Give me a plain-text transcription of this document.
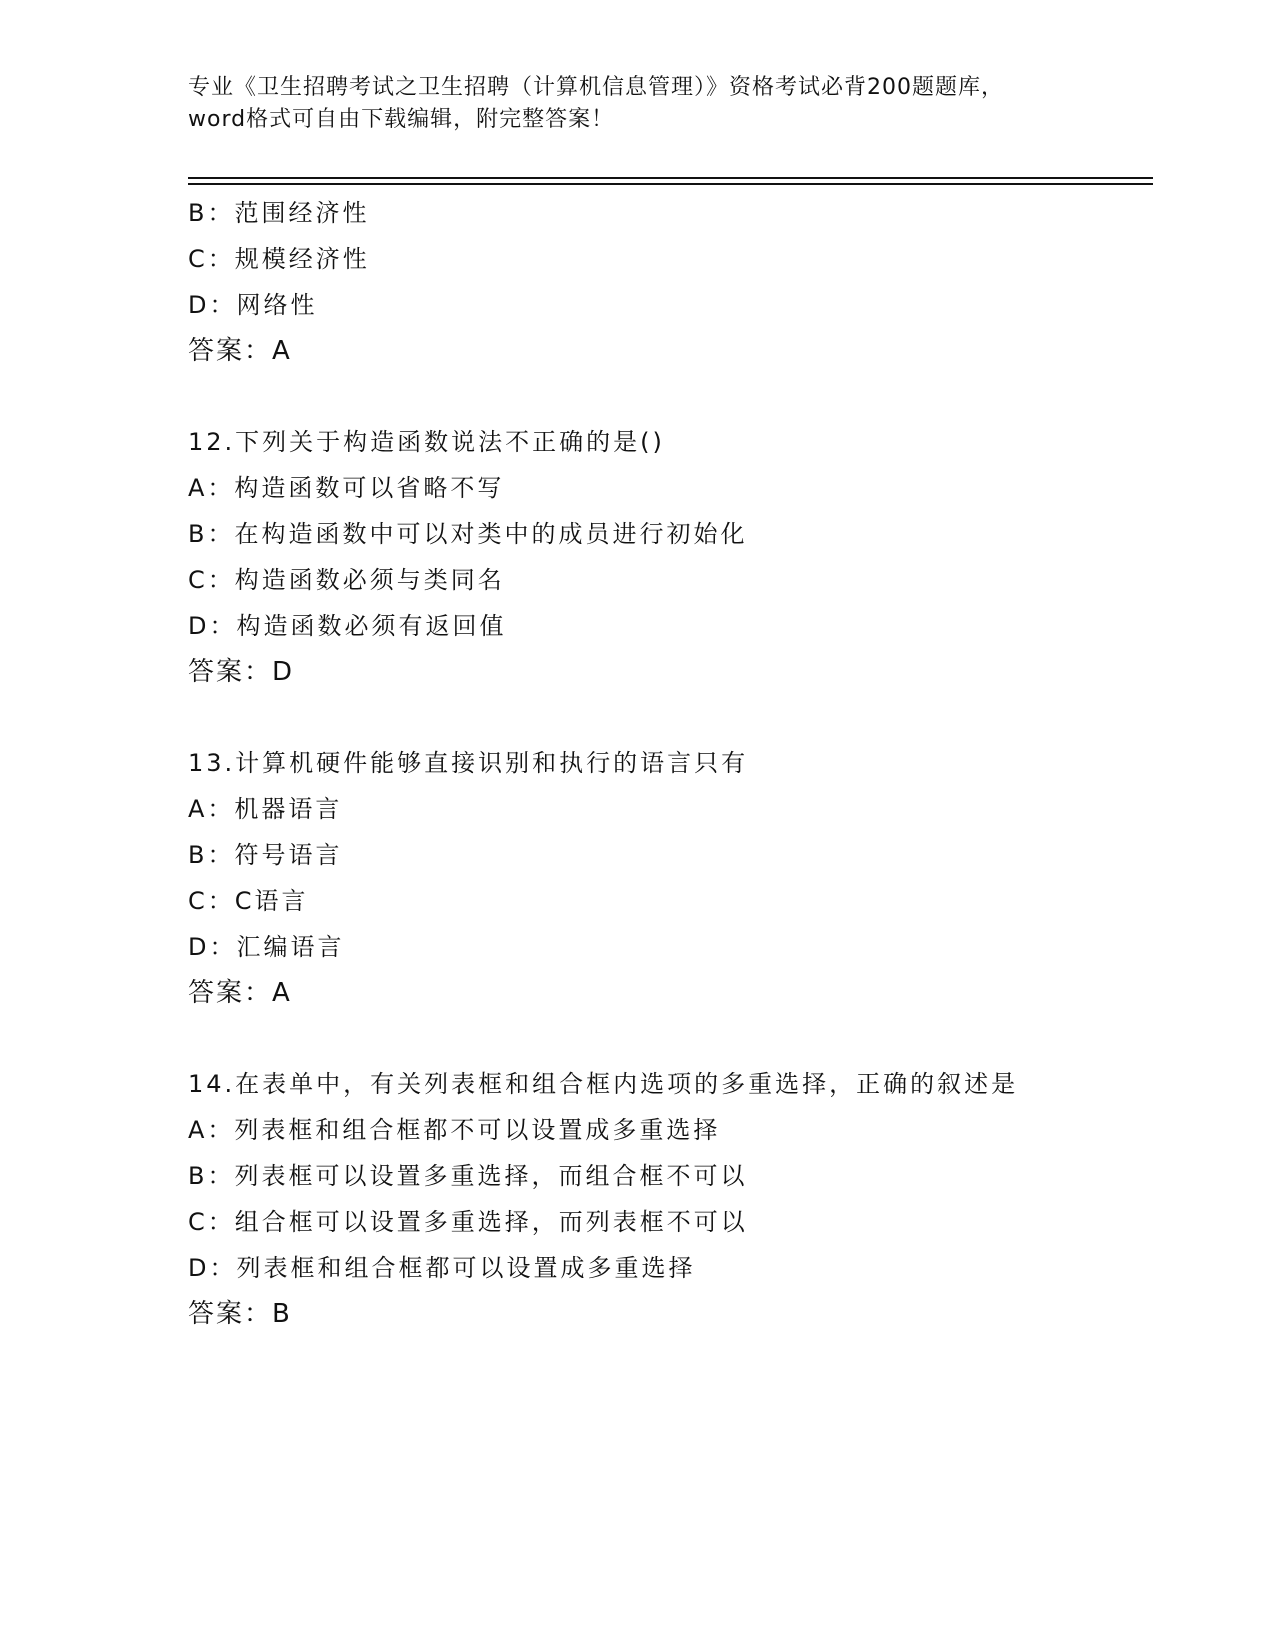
专业《卫生招聘考试之卫生招聘（计算机信息管理）》资格考试必背200题题库，
word格式可自由下载编辑，附完整答案！
B：范围经济性
C：规模经济性
D：网络性
答案：A
12.下列关于构造函数说法不正确的是()
A：构造函数可以省略不写
B：在构造函数中可以对类中的成员进行初始化
C：构造函数必须与类同名
D：构造函数必须有返回值
答案：D
13.计算机硬件能够直接识别和执行的语言只有
A：机器语言
B：符号语言
C：C语言
D：汇编语言
答案：A
14.在表单中，有关列表框和组合框内选项的多重选择，正确的叙述是
A：列表框和组合框都不可以设置成多重选择
B：列表框可以设置多重选择，而组合框不可以
C：组合框可以设置多重选择，而列表框不可以
D：列表框和组合框都可以设置成多重选择
答案：B
